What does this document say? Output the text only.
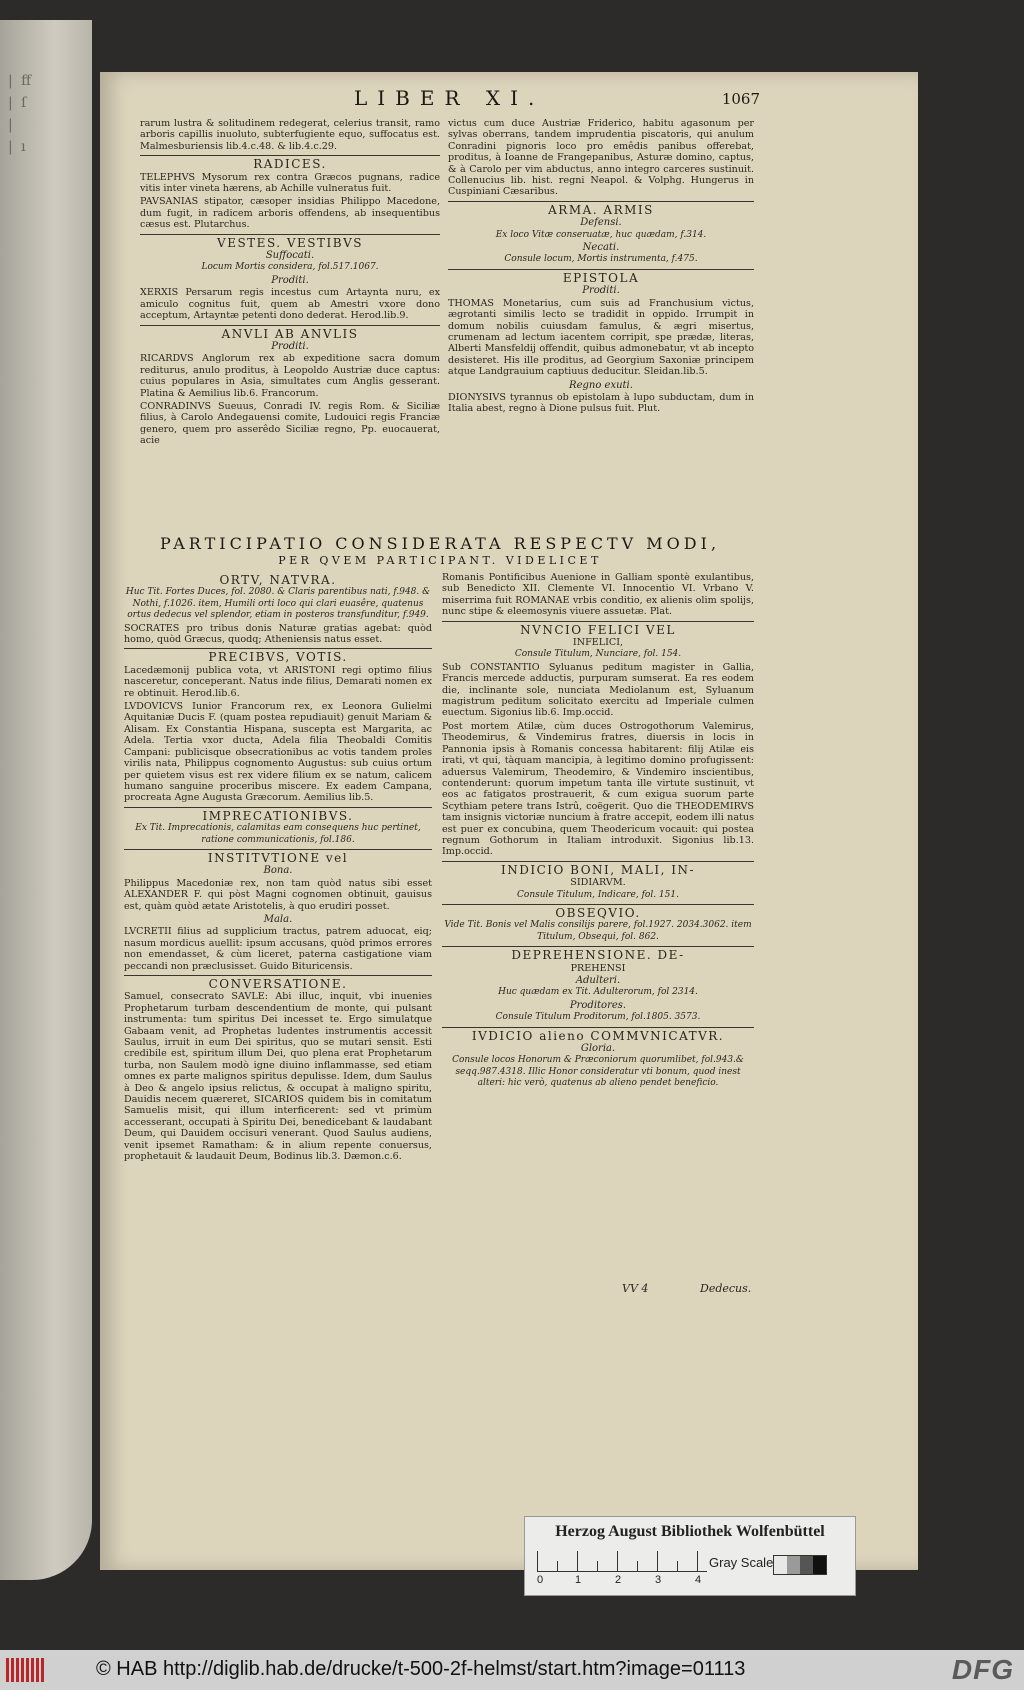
| ﬀ
| ſ
|
| ı
LIBER XI.	1067

rarum lustra & solitudinem redegerat, celerius transit, ramo arboris capillis inuoluto, subterfugiente equo, suffocatus est. Malmesburiensis lib.4.c.48. & lib.4.c.29.

RADICES.

TELEPHVS Mysorum rex contra Græcos pugnans, radice vitis inter vineta hærens, ab Achille vulneratus fuit.

PAVSANIAS stipator, cæsoper insidias Philippo Macedone, dum fugit, in radicem arboris offendens, ab insequentibus cæsus est. Plutarchus.

VESTES. VESTIBVS
Suffocati.
Locum Mortis considera, fol.517.1067.
Proditi.

XERXIS Persarum regis incestus cum Artaynta nuru, ex amiculo cognitus fuit, quem ab Amestri vxore dono acceptum, Artayntæ petenti dono dederat. Herod.lib.9.

ANVLI AB ANVLIS
Proditi.

RICARDVS Anglorum rex ab expeditione sacra domum rediturus, anulo proditus, à Leopoldo Austriæ duce captus: cuius populares in Asia, simultates cum Anglis gesserant. Platina & Aemilius lib.6. Francorum.

CONRADINVS Sueuus, Conradi IV. regis Rom. & Siciliæ filius, à Carolo Andegauensi comite, Ludouici regis Franciæ genero, quem pro asserêdo Siciliæ regno, Pp. euocauerat, acie

victus cum duce Austriæ Friderico, habitu agasonum per sylvas oberrans, tandem imprudentia piscatoris, qui anulum Conradini pignoris loco pro emêdis panibus offerebat, proditus, à Ioanne de Frangepanibus, Asturæ domino, captus, & à Carolo per vim abductus, anno integro carceres sustinuit. Collenucius lib. hist. regni Neapol. & Volphg. Hungerus in Cuspiniani Cæsaribus.

ARMA. ARMIS
Defensi.
Ex loco Vitæ conseruatæ, huc quædam, f.314.
Necati.
Consule locum, Mortis instrumenta, f.475.
EPISTOLA
Proditi.

THOMAS Monetarius, cum suis ad Franchusium victus, ægrotanti similis lecto se tradidit in oppido. Irrumpit in domum nobilis cuiusdam famulus, & ægri misertus, crumenam ad lectum iacentem corripit, spe prædæ, literas, Alberti Mansfeldij offendit, quibus admonebatur, vt ab incepto desisteret. His ille proditus, ad Georgium Saxoniæ principem atque Landgrauium captiuus deducitur. Sleidan.lib.5.

Regno exuti.

DIONYSIVS tyrannus ob epistolam à lupo subductam, dum in Italia abest, regno à Dione pulsus fuit. Plut.

PARTICIPATIO CONSIDERATA RESPECTV MODI,
PER QVEM PARTICIPANT. VIDELICET
ORTV, NATVRA.
Huc Tit. Fortes Duces, fol. 2080. & Claris parentibus nati, f.948. & Nothi, f.1026. item, Humili orti loco qui clari euasêre, quatenus ortus dedecus vel splendor, etiam in posteros transfunditur, f.949.

SOCRATES pro tribus donis Naturæ gratias agebat: quòd homo, quòd Græcus, quodq; Atheniensis natus esset.

PRECIBVS, VOTIS.

Lacedæmonij publica vota, vt ARISTONI regi optimo filius nasceretur, conceperant. Natus inde filius, Demarati nomen ex re obtinuit. Herod.lib.6.

LVDOVICVS Iunior Francorum rex, ex Leonora Gulielmi Aquitaniæ Ducis F. (quam postea repudiauit) genuit Mariam & Alisam. Ex Constantia Hispana, suscepta est Margarita, ac Adela. Tertia vxor ducta, Adela filia Theobaldi Comitis Campani: publicisque obsecrationibus ac votis tandem proles virilis nata, Philippus cognomento Augustus: sub cuius ortum per quietem visus est rex videre filium ex se natum, calicem humano sanguine proceribus miscere. Ex eadem Campana, procreata Agne Augusta Græcorum. Aemilius lib.5.

IMPRECATIONIBVS.
Ex Tit. Imprecationis, calamitas eam consequens huc pertinet, ratione communicationis, fol.186.
INSTITVTIONE vel
Bona.

Philippus Macedoniæ rex, non tam quòd natus sibi esset ALEXANDER F. qui pòst Magni cognomen obtinuit, gauisus est, quàm quòd ætate Aristotelis, à quo erudiri posset.

Mala.

LVCRETII filius ad supplicium tractus, patrem aduocat, eiq; nasum mordicus auellit: ipsum accusans, quòd primos errores non emendasset, & cùm liceret, paterna castigatione viam peccandi non præclusisset. Guido Bituricensis.

CONVERSATIONE.

Samuel, consecrato SAVLE: Abi illuc, inquit, vbi inuenies Prophetarum turbam descendentium de monte, qui pulsant instrumenta: tum spiritus Dei incesset te. Ergo simulatque Gabaam venit, ad Prophetas ludentes instrumentis accessit Saulus, irruit in eum Dei spiritus, quo se mutari sensit. Esti credibile est, spiritum illum Dei, quo plena erat Prophetarum turba, non Saulem modò igne diuino inflammasse, sed etiam omnes ex parte malignos spiritus depulisse. Idem, dum Saulus à Deo & angelo ipsius relictus, & occupat à maligno spiritu, Dauidis necem quæreret, SICARIOS quidem bis in comitatum Samuelis misit, qui illum interficerent: sed vt primùm accesserant, occupati à Spiritu Dei, benedicebant & laudabant Deum, qui Dauidem occisuri venerant. Quod Saulus audiens, venit ipsemet Ramatham: & in alium repente conuersus, prophetauit & laudauit Deum, Bodinus lib.3. Dæmon.c.6.

Romanis Pontificibus Auenione in Galliam spontè exulantibus, sub Benedicto XII. Clemente VI. Innocentio VI. Vrbano V. miserrima fuit ROMANAE vrbis conditio, ex alienis olim spolijs, nunc stipe & eleemosynis viuere assuetæ. Plat.

NVNCIO FELICI VEL
INFELICI,
Consule Titulum, Nunciare, fol. 154.

Sub CONSTANTIO Syluanus peditum magister in Gallia, Francis mercede adductis, purpuram sumserat. Ea res eodem die, inclinante sole, nunciata Mediolanum est, Syluanum magistrum peditum solicitato exercitu ad Imperiale culmen euectum. Sigonius lib.6. Imp.occid.

Post mortem Atilæ, cùm duces Ostrogothorum Valemirus, Theodemirus, & Vindemirus fratres, diuersis in locis in Pannonia ipsis à Romanis concessa habitarent: filij Atilæ eis irati, vt qui, tàquam mancipia, à legitimo domino profugissent: aduersus Valemirum, Theodemiro, & Vindemiro inscientibus, contenderunt: quorum impetum tanta ille virtute sustinuit, vt eos ac fatigatos prostrauerit, & cum exigua suorum parte Scythiam petere trans Istrû, coëgerit. Quo die THEODEMIRVS tam insignis victoriæ nuncium à fratre accepit, eodem illi natus est puer ex concubina, quem Theodericum vocauit: qui postea regnum Gothorum in Italiam introduxit. Sigonius lib.13. Imp.occid.

INDICIO BONI, MALI, IN-
SIDIARVM.
Consule Titulum, Indicare, fol. 151.
OBSEQVIO.
Vide Tit. Bonis vel Malis consilijs parere, fol.1927. 2034.3062. item Titulum, Obsequi, fol. 862.
DEPREHENSIONE. DE-
PREHENSI
Adulteri.
Huc quædam ex Tit. Adulterorum, fol 2314.
Proditores.
Consule Titulum Proditorum, fol.1805. 3573.
IVDICIO alieno COMMVNICATVR.
Gloria.
Consule locos Honorum & Præconiorum quorumlibet, fol.943.& seqq.987.4318. Illic Honor consideratur vti bonum, quod inest alteri: hic verò, quatenus ab alieno pendet beneficio.
VV 4	Dedecus.
Herzog August Bibliothek Wolfenbüttel
0	1	2	3	4
Gray Scale
© HAB http://diglib.hab.de/drucke/t-500-2f-helmst/start.htm?image=01113	DFG
